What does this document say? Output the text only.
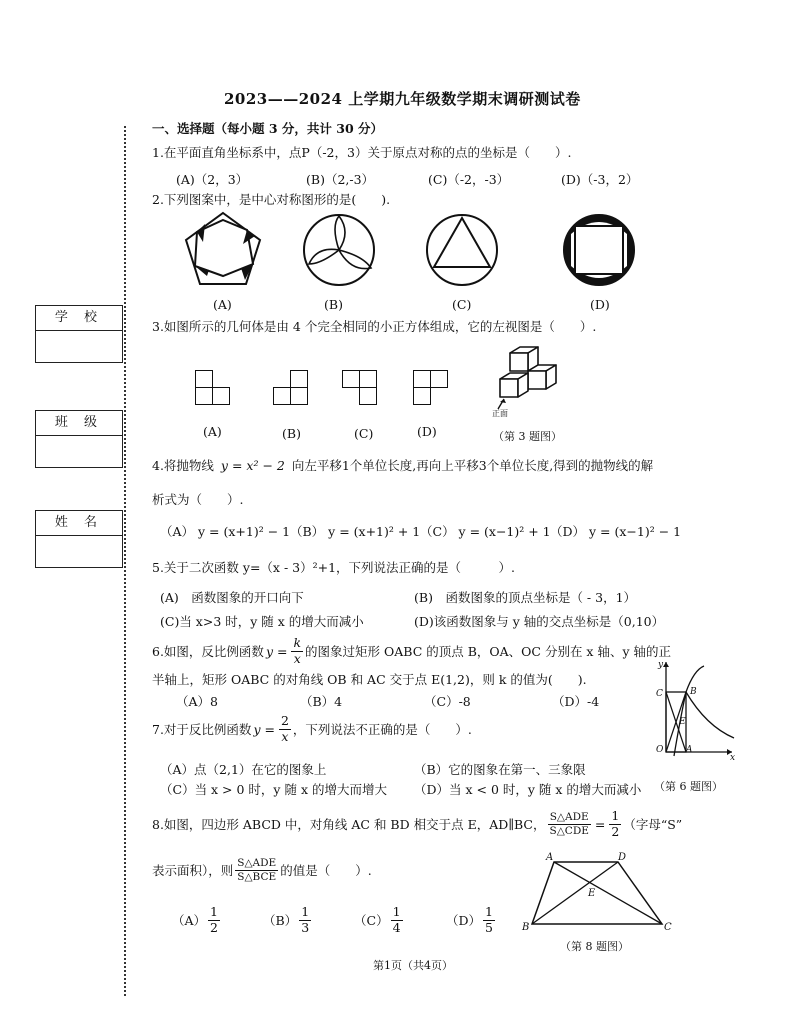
2023——2024 上学期九年级数学期末调研测试卷
学 校
班 级
姓 名
一、选择题（每小题 3 分，共计 30 分）
1.在平面直角坐标系中，点P（-2，3）关于原点对称的点的坐标是（　　）.
(A)（2，3）	(B)（2,-3）	(C)（-2，-3）	(D)（-3，2）
2.下列图案中，是中心对称图形的是(　　).
(A)	(B)	(C)	(D)
3.如图所示的几何体是由 4 个完全相同的小正方体组成，它的左视图是（　　）.
(A)	(B)	(C)	(D)
正面
（第 3 题图）
4.将抛物线 y = x² − 2 向左平移1个单位长度,再向上平移3个单位长度,得到的抛物线的解
析式为（　　）.
（A） y = (x+1)² − 1 （B） y = (x+1)² + 1 （C） y = (x−1)² + 1 （D） y = (x−1)² − 1
5.关于二次函数 y=（x - 3）²+1，下列说法正确的是（　　　）.
(A)　函数图象的开口向下	(B)　函数图象的顶点坐标是（ - 3，1）
(C)当 x>3 时，y 随 x 的增大而减小	(D)该函数图象与 y 轴的交点坐标是（0,10）
6.如图，反比例函数 $y = \frac{k}{x}$ 的图象过矩形 OABC 的顶点 B，OA、OC 分别在 x 轴、y 轴的正
半轴上，矩形 OABC 的对角线 OB 和 AC 交于点 E(1,2)，则 k 的值为(　　).
（A）8	（B）4	（C）-8	（D）-4
y
C	B
E
O	A
x
（第 6 题图）
7.对于反比例函数 $y = \frac{2}{x}$ ，下列说法不正确的是（　　）.
（A）点（2,1）在它的图象上	（B）它的图象在第一、三象限
（C）当 x > 0 时，y 随 x 的增大而增大 （D）当 x < 0 时，y 随 x 的增大而减小
8.如图，四边形 ABCD 中，对角线 AC 和 BD 相交于点 E，AD∥BC， $\frac{\text{S△ADE}}{\text{S△CDE}} = \frac{1}{2}$ （字母“S”
表示面积），则 $\frac{\text{S△ADE}}{\text{S△BCE}}$ 的值是（　　）.
$(A) \frac{1}{2}$	$(B) \frac{1}{3}$	$(C) \frac{1}{4}$	$(D) \frac{1}{5}$
A	D
E
B	C
（第 8 题图）
第1页（共4页）
